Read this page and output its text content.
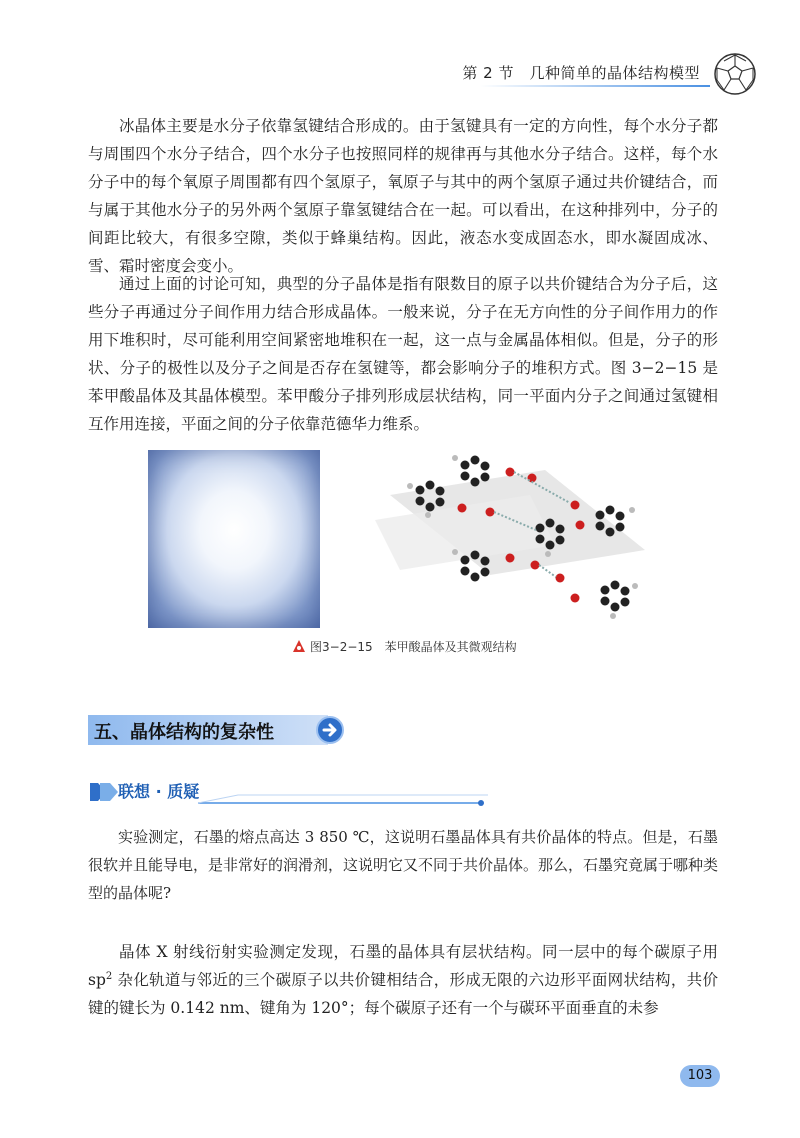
第 2 节　几种简单的晶体结构模型

冰晶体主要是水分子依靠氢键结合形成的。由于氢键具有一定的方向性，每个水分子都与周围四个水分子结合，四个水分子也按照同样的规律再与其他水分子结合。这样，每个水分子中的每个氧原子周围都有四个氢原子，氧原子与其中的两个氢原子通过共价键结合，而与属于其他水分子的另外两个氢原子靠氢键结合在一起。可以看出，在这种排列中，分子的间距比较大，有很多空隙，类似于蜂巢结构。因此，液态水变成固态水，即水凝固成冰、雪、霜时密度会变小。

通过上面的讨论可知，典型的分子晶体是指有限数目的原子以共价键结合为分子后，这些分子再通过分子间作用力结合形成晶体。一般来说，分子在无方向性的分子间作用力的作用下堆积时，尽可能利用空间紧密地堆积在一起，这一点与金属晶体相似。但是，分子的形状、分子的极性以及分子之间是否存在氢键等，都会影响分子的堆积方式。图 3−2−15 是苯甲酸晶体及其晶体模型。苯甲酸分子排列形成层状结构，同一平面内分子之间通过氢键相互作用连接，平面之间的分子依靠范德华力维系。

图3−2−15　苯甲酸晶体及其微观结构
五、晶体结构的复杂性
联想 · 质疑

实验测定，石墨的熔点高达 3 850 ℃，这说明石墨晶体具有共价晶体的特点。但是，石墨很软并且能导电，是非常好的润滑剂，这说明它又不同于共价晶体。那么，石墨究竟属于哪种类型的晶体呢?

晶体 X 射线衍射实验测定发现，石墨的晶体具有层状结构。同一层中的每个碳原子用 $sp^2$ 杂化轨道与邻近的三个碳原子以共价键相结合，形成无限的六边形平面网状结构，共价键的键长为 0.142 nm、键角为 120°；每个碳原子还有一个与碳环平面垂直的未参

103
